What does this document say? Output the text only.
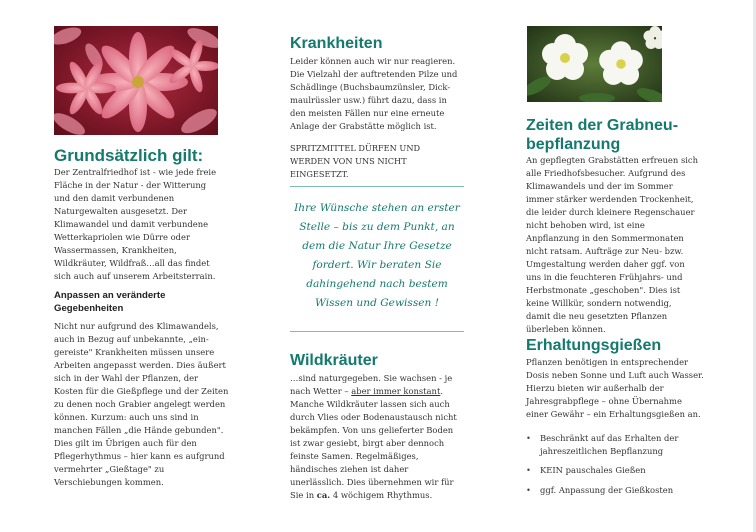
Grundsätzlich gilt:

Der Zentralfriedhof ist - wie jede freie Fläche in der Natur - der Witterung und den damit verbundenen Naturgewalten ausgesetzt. Der Klimawandel und damit verbundene Wetterkapriolen wie Dürre oder Wassermassen, Krankheiten, Wildkräuter, Wildfraß…all das findet sich auch auf unserem Arbeitsterrain.

Anpassen an veränderte Gegebenheiten

Nicht nur aufgrund des Klimawandels, auch in Bezug auf unbekannte, „ein-gereiste" Krankheiten müssen unsere Arbeiten angepasst werden. Dies äußert sich in der Wahl der Pflanzen, der Kosten für die Gießpflege und der Zeiten zu denen noch Grabier angelegt werden können. Kurzum: auch uns sind in manchen Fällen „die Hände gebunden". Dies gilt im Übrigen auch für den Pflegerhythmus – hier kann es aufgrund vermehrter „Gießtage" zu Verschiebungen kommen.

Krankheiten

Leider können auch wir nur reagieren. Die Vielzahl der auftretenden Pilze und Schädlinge (Buchsbaumzünsler, Dick-maulrüssler usw.) führt dazu, dass in den meisten Fällen nur eine erneute Anlage der Grabstätte möglich ist.

SPRITZMITTEL DÜRFEN UND WERDEN VON UNS NICHT EINGESETZT.

Ihre Wünsche stehen an erster Stelle – bis zu dem Punkt, an dem die Natur Ihre Gesetze fordert. Wir beraten Sie dahingehend nach bestem Wissen und Gewissen !

Wildkräuter

…sind naturgegeben. Sie wachsen - je nach Wetter – aber immer konstant. Manche Wildkräuter lassen sich auch durch Vlies oder Bodenaustausch nicht bekämpfen. Von uns gelieferter Boden ist zwar gesiebt, birgt aber dennoch feinste Samen. Regelmäßiges, händisches ziehen ist daher unerlässlich. Dies übernehmen wir für Sie in ca. 4 wöchigem Rhythmus.

Zeiten der Grabneu-bepflanzung

An gepflegten Grabstätten erfreuen sich alle Friedhofsbesucher. Aufgrund des Klimawandels und der im Sommer immer stärker werdenden Trockenheit, die leider durch kleinere Regenschauer nicht behoben wird, ist eine Anpflanzung in den Sommermonaten nicht ratsam. Aufträge zur Neu- bzw. Umgestaltung werden daher ggf. von uns in die feuchteren Frühjahrs- und Herbstmonate „geschoben". Dies ist keine Willkür, sondern notwendig, damit die neu gesetzten Pflanzen überleben können.

Erhaltungsgießen

Pflanzen benötigen in entsprechender Dosis neben Sonne und Luft auch Wasser. Hierzu bieten wir außerhalb der Jahresgrabpflege – ohne Übernahme einer Gewähr – ein Erhaltungsgießen an.

• Beschränkt auf das Erhalten der jahreszeitlichen Bepflanzung
• KEIN pauschales Gießen
• ggf. Anpassung der Gießkosten
